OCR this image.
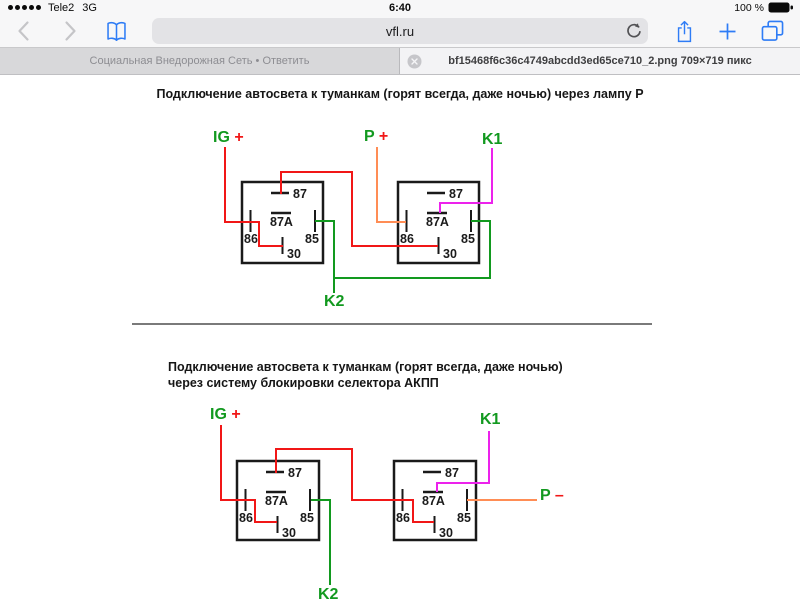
Tele2 3G	6:40	100 %
vfl.ru
Социальная Внедорожная Сеть • Ответить	bf15468f6c36c4749abcdd3ed65ce710_2.png 709×719 пикс
Подключение автосвета к туманкам (горят всегда, даже ночью) через лампу Р
Подключение автосвета к туманкам (горят всегда, даже ночью)
через систему блокировки селектора АКПП
87
87A
86	85
30
87
87A
86	85
30
IG +	P +	K1
K2
87
87A
86	85
30
87
87A
86	85
30
IG +	K1
K2
P –
